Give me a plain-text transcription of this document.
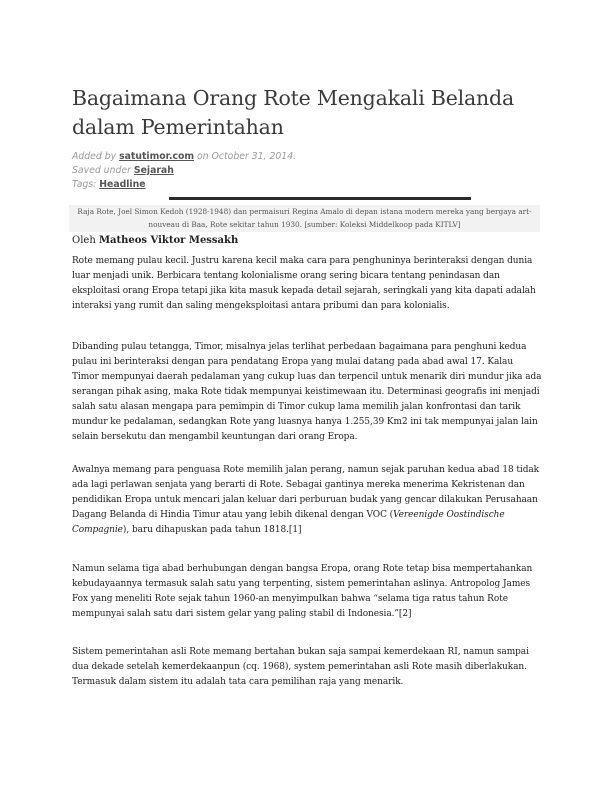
Bagaimana Orang Rote Mengakali Belanda dalam Pemerintahan
Added by satutimor.com on October 31, 2014.
Saved under Sejarah
Tags: Headline
Raja Rote, Joel Simon Kedoh (1928-1948) dan permaisuri Regina Amalo di depan istana modern mereka yang bergaya art-nouveau di Baa, Rote sekitar tahun 1930. [sumber: Koleksi Middelkoop pada KITLV]
Oleh Matheos Viktor Messakh

Rote memang pulau kecil. Justru karena kecil maka cara para penghuninya berinteraksi dengan dunia luar menjadi unik. Berbicara tentang kolonialisme orang sering bicara tentang penindasan dan eksploitasi orang Eropa tetapi jika kita masuk kepada detail sejarah, seringkali yang kita dapati adalah interaksi yang rumit dan saling mengeksploitasi antara pribumi dan para kolonialis.

Dibanding pulau tetangga, Timor, misalnya jelas terlihat perbedaan bagaimana para penghuni kedua pulau ini berinteraksi dengan para pendatang Eropa yang mulai datang pada abad awal 17. Kalau Timor mempunyai daerah pedalaman yang cukup luas dan terpencil untuk menarik diri mundur jika ada serangan pihak asing, maka Rote tidak mempunyai keistimewaan itu. Determinasi geografis ini menjadi salah satu alasan mengapa para pemimpin di Timor cukup lama memilih jalan konfrontasi dan tarik mundur ke pedalaman, sedangkan Rote yang luasnya hanya 1.255,39 Km2 ini tak mempunyai jalan lain selain bersekutu dan mengambil keuntungan dari orang Eropa.

Awalnya memang para penguasa Rote memilih jalan perang, namun sejak paruhan kedua abad 18 tidak ada lagi perlawan senjata yang berarti di Rote. Sebagai gantinya mereka menerima Kekristenan dan pendidikan Eropa untuk mencari jalan keluar dari perburuan budak yang gencar dilakukan Perusahaan Dagang Belanda di Hindia Timur atau yang lebih dikenal dengan VOC (Vereenigde Oostindische Compagnie), baru dihapuskan pada tahun 1818.[1]

Namun selama tiga abad berhubungan dengan bangsa Eropa, orang Rote tetap bisa mempertahankan kebudayaannya termasuk salah satu yang terpenting, sistem pemerintahan aslinya. Antropolog James Fox yang meneliti Rote sejak tahun 1960-an menyimpulkan bahwa “selama tiga ratus tahun Rote mempunyai salah satu dari sistem gelar yang paling stabil di Indonesia.”[2]

Sistem pemerintahan asli Rote memang bertahan bukan saja sampai kemerdekaan RI, namun sampai dua dekade setelah kemerdekaanpun (cq. 1968), system pemerintahan asli Rote masih diberlakukan. Termasuk dalam sistem itu adalah tata cara pemilihan raja yang menarik.
